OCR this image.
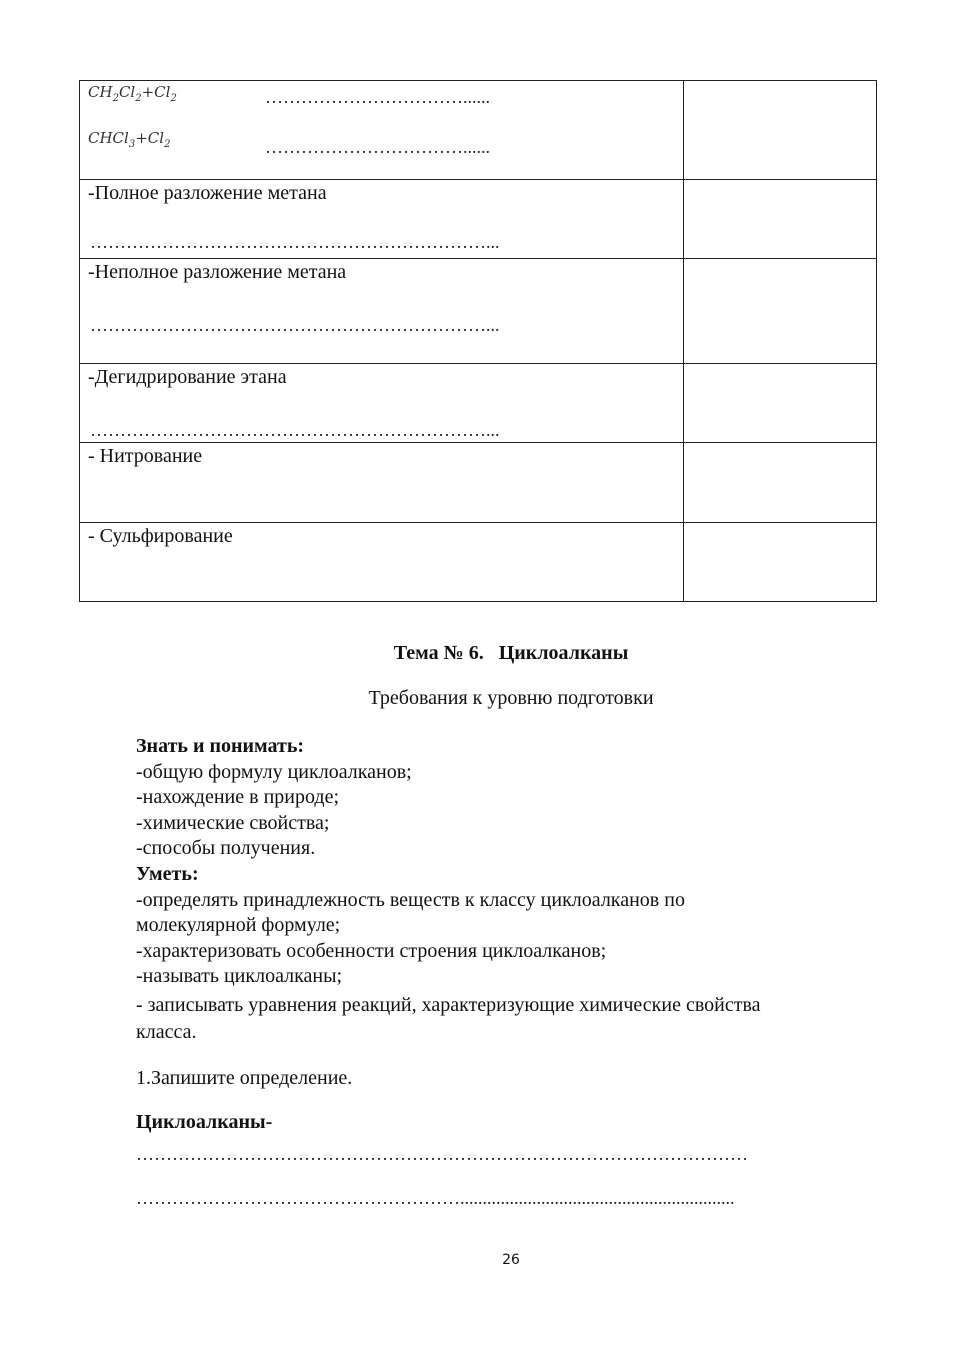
$CH_2Cl_2+Cl_2$ ……………………………......
$CHCl_3+Cl_2$ ……………………………......	

-Полное разложение метана
…………………………………………………………...	

-Неполное разложение метана
…………………………………………………………...	

-Дегидрирование этана
…………………………………………………………...	

- Нитрование	

- Сульфирование	

Тема № 6.   Циклоалканы
Требования к уровню подготовки
Знать и понимать:
-общую формулу циклоалканов;
-нахождение в природе;
-химические свойства;
-способы получения.
Уметь:
-определять принадлежность веществ к классу циклоалканов по
молекулярной формуле;
-характеризовать особенности строения циклоалканов;
-называть циклоалканы;
- записывать уравнения реакций, характеризующие химические свойства
класса.
1.Запишите определение.
Циклоалканы-
…………………………………………………………………………………………
……………………………………………….............................................................
26
